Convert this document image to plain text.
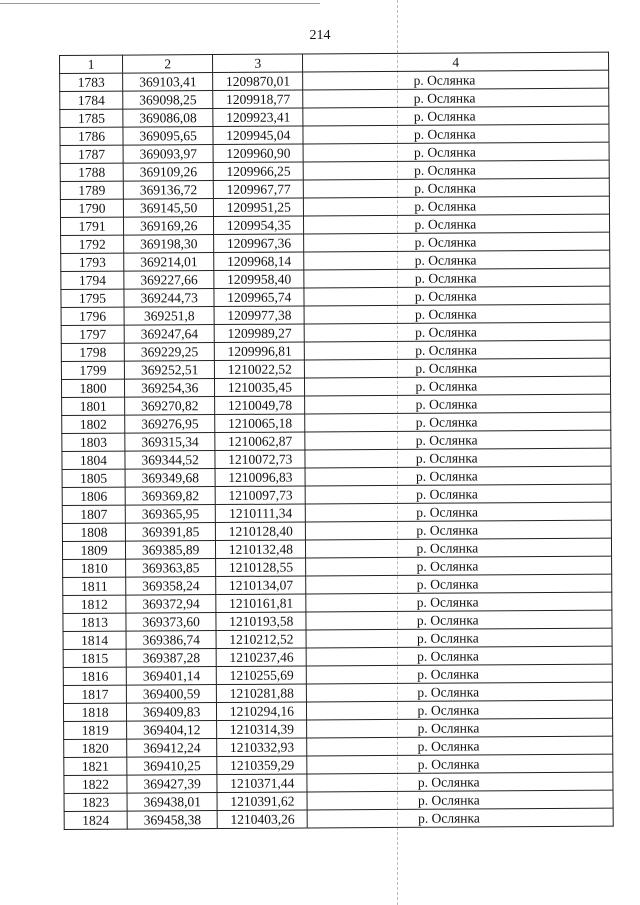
214
1	2	3	4
1783	369103,41	1209870,01	р. Ослянка
1784	369098,25	1209918,77	р. Ослянка
1785	369086,08	1209923,41	р. Ослянка
1786	369095,65	1209945,04	р. Ослянка
1787	369093,97	1209960,90	р. Ослянка
1788	369109,26	1209966,25	р. Ослянка
1789	369136,72	1209967,77	р. Ослянка
1790	369145,50	1209951,25	р. Ослянка
1791	369169,26	1209954,35	р. Ослянка
1792	369198,30	1209967,36	р. Ослянка
1793	369214,01	1209968,14	р. Ослянка
1794	369227,66	1209958,40	р. Ослянка
1795	369244,73	1209965,74	р. Ослянка
1796	369251,8	1209977,38	р. Ослянка
1797	369247,64	1209989,27	р. Ослянка
1798	369229,25	1209996,81	р. Ослянка
1799	369252,51	1210022,52	р. Ослянка
1800	369254,36	1210035,45	р. Ослянка
1801	369270,82	1210049,78	р. Ослянка
1802	369276,95	1210065,18	р. Ослянка
1803	369315,34	1210062,87	р. Ослянка
1804	369344,52	1210072,73	р. Ослянка
1805	369349,68	1210096,83	р. Ослянка
1806	369369,82	1210097,73	р. Ослянка
1807	369365,95	1210111,34	р. Ослянка
1808	369391,85	1210128,40	р. Ослянка
1809	369385,89	1210132,48	р. Ослянка
1810	369363,85	1210128,55	р. Ослянка
1811	369358,24	1210134,07	р. Ослянка
1812	369372,94	1210161,81	р. Ослянка
1813	369373,60	1210193,58	р. Ослянка
1814	369386,74	1210212,52	р. Ослянка
1815	369387,28	1210237,46	р. Ослянка
1816	369401,14	1210255,69	р. Ослянка
1817	369400,59	1210281,88	р. Ослянка
1818	369409,83	1210294,16	р. Ослянка
1819	369404,12	1210314,39	р. Ослянка
1820	369412,24	1210332,93	р. Ослянка
1821	369410,25	1210359,29	р. Ослянка
1822	369427,39	1210371,44	р. Ослянка
1823	369438,01	1210391,62	р. Ослянка
1824	369458,38	1210403,26	р. Ослянка
